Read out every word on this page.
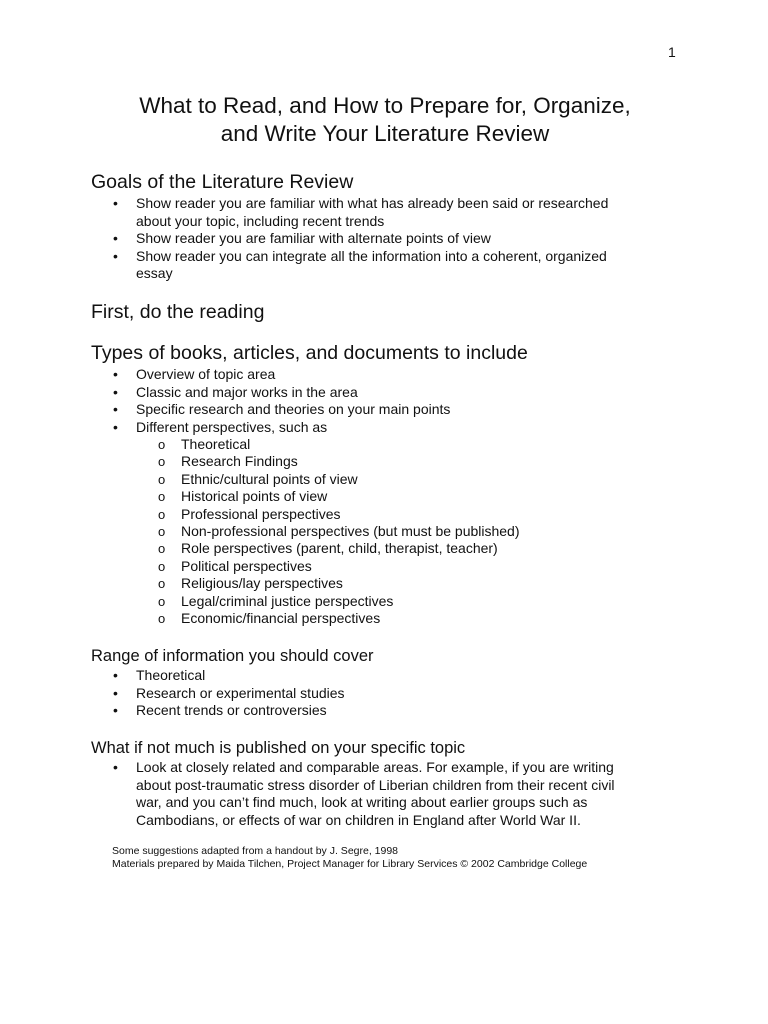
1
What to Read, and How to Prepare for, Organize,
and Write Your Literature Review
Goals of the Literature Review
• Show reader you are familiar with what has already been said or researched
about your topic, including recent trends
• Show reader you are familiar with alternate points of view
• Show reader you can integrate all the information into a coherent, organized
essay
First, do the reading
Types of books, articles, and documents to include
• Overview of topic area
• Classic and major works in the area
• Specific research and theories on your main points
• Different perspectives, such as
o Theoretical
o Research Findings
o Ethnic/cultural points of view
o Historical points of view
o Professional perspectives
o Non-professional perspectives (but must be published)
o Role perspectives (parent, child, therapist, teacher)
o Political perspectives
o Religious/lay perspectives
o Legal/criminal justice perspectives
o Economic/financial perspectives
Range of information you should cover
• Theoretical
• Research or experimental studies
• Recent trends or controversies
What if not much is published on your specific topic
• Look at closely related and comparable areas. For example, if you are writing
about post-traumatic stress disorder of Liberian children from their recent civil
war, and you can’t find much, look at writing about earlier groups such as
Cambodians, or effects of war on children in England after World War II.
Some suggestions adapted from a handout by J. Segre, 1998
Materials prepared by Maida Tilchen, Project Manager for Library Services © 2002 Cambridge College
